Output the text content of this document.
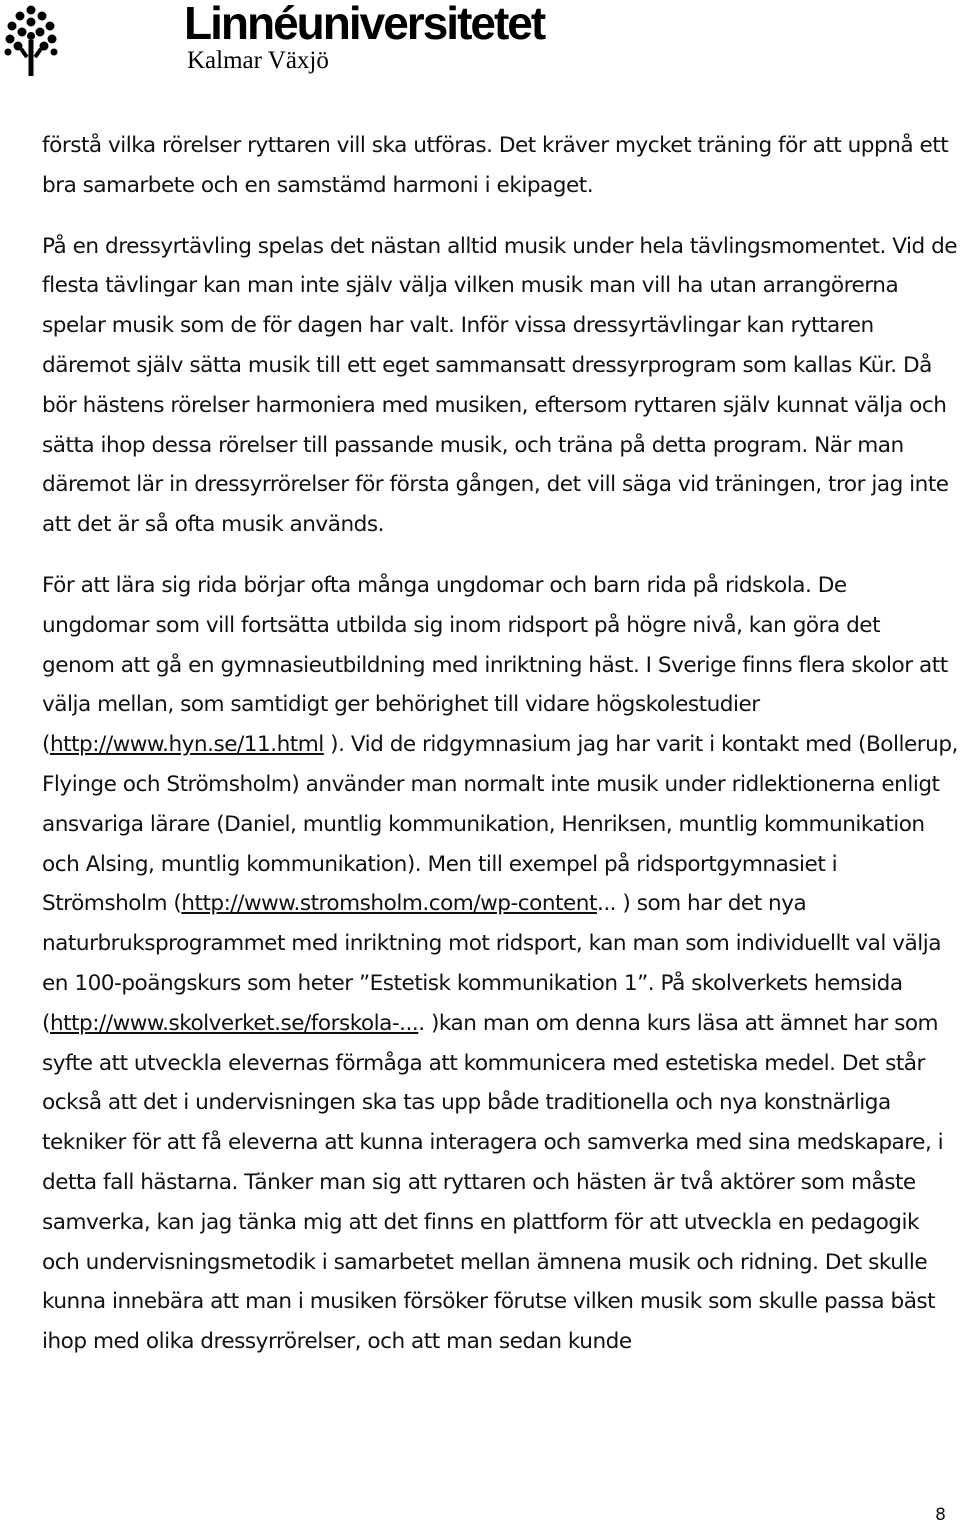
Linnéuniversitetet
Kalmar Växjö

förstå vilka rörelser ryttaren vill ska utföras. Det kräver mycket träning för att uppnå ett bra samarbete och en samstämd harmoni i ekipaget.

På en dressyrtävling spelas det nästan alltid musik under hela tävlingsmomentet. Vid de flesta tävlingar kan man inte själv välja vilken musik man vill ha utan arrangörerna spelar musik som de för dagen har valt. Inför vissa dressyrtävlingar kan ryttaren däremot själv sätta musik till ett eget sammansatt dressyrprogram som kallas Kür. Då bör hästens rörelser harmoniera med musiken, eftersom ryttaren själv kunnat välja och sätta ihop dessa rörelser till passande musik, och träna på detta program. När man däremot lär in dressyrrörelser för första gången, det vill säga vid träningen, tror jag inte att det är så ofta musik används.

För att lära sig rida börjar ofta många ungdomar och barn rida på ridskola. De ungdomar som vill fortsätta utbilda sig inom ridsport på högre nivå, kan göra det genom att gå en gymnasieutbildning med inriktning häst. I Sverige finns flera skolor att välja mellan, som samtidigt ger behörighet till vidare högskolestudier (http://www.hyn.se/11.html ). Vid de ridgymnasium jag har varit i kontakt med (Bollerup, Flyinge och Strömsholm) använder man normalt inte musik under ridlektionerna enligt ansvariga lärare (Daniel, muntlig kommunikation, Henriksen, muntlig kommunikation och Alsing, muntlig kommunikation). Men till exempel på ridsportgymnasiet i Strömsholm (http://www.stromsholm.com/wp-content... ) som har det nya naturbruksprogrammet med inriktning mot ridsport, kan man som individuellt val välja en 100-poängskurs som heter ”Estetisk kommunikation 1”. På skolverkets hemsida (http://www.skolverket.se/forskola-.... )kan man om denna kurs läsa att ämnet har som syfte att utveckla elevernas förmåga att kommunicera med estetiska medel. Det står också att det i undervisningen ska tas upp både traditionella och nya konstnärliga tekniker för att få eleverna att kunna interagera och samverka med sina medskapare, i detta fall hästarna. Tänker man sig att ryttaren och hästen är två aktörer som måste samverka, kan jag tänka mig att det finns en plattform för att utveckla en pedagogik och undervisningsmetodik i samarbetet mellan ämnena musik och ridning. Det skulle kunna innebära att man i musiken försöker förutse vilken musik som skulle passa bäst ihop med olika dressyrrörelser, och att man sedan kunde

8
